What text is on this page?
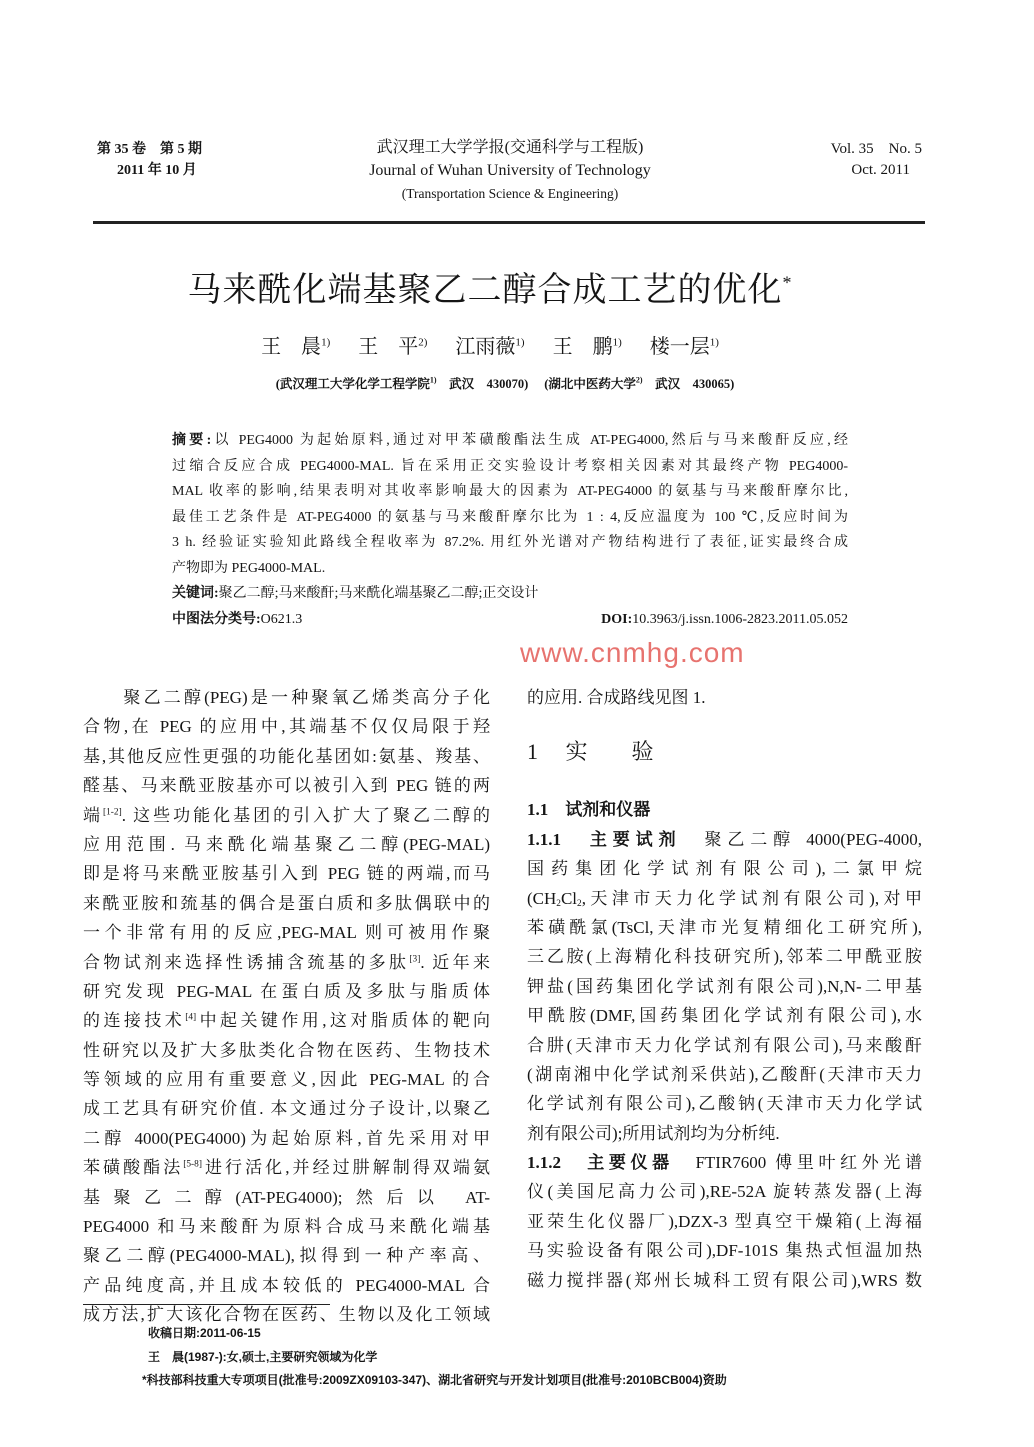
第 35 卷　第 5 期
2011 年 10 月
武汉理工大学学报(交通科学与工程版)
Journal of Wuhan University of Technology
(Transportation Science & Engineering)
Vol. 35　No. 5
Oct. 2011
马来酰化端基聚乙二醇合成工艺的优化*
王　晨$^{1)}$ 王　平$^{2)}$ 江雨薇$^{1)}$ 王　鹏$^{1)}$ 楼一层$^{1)}$
(武汉理工大学化学工程学院$^{1)}$　武汉　430070) (湖北中医药大学$^{2)}$　武汉　430065)
摘要:以 PEG4000 为起始原料,通过对甲苯磺酸酯法生成 AT-PEG4000,然后与马来酸酐反应,经
过缩合反应合成 PEG4000-MAL. 旨在采用正交实验设计考察相关因素对其最终产物 PEG4000-
MAL 收率的影响,结果表明对其收率影响最大的因素为 AT-PEG4000 的氨基与马来酸酐摩尔比,
最佳工艺条件是 AT-PEG4000 的氨基与马来酸酐摩尔比为 1 : 4,反应温度为 100 ℃,反应时间为
3 h. 经验证实验知此路线全程收率为 87.2%. 用红外光谱对产物结构进行了表征,证实最终合成
产物即为 PEG4000-MAL.
关键词:聚乙二醇;马来酸酐;马来酰化端基聚乙二醇;正交设计
中图法分类号:O621.3	DOI:10.3963/j.issn.1006-2823.2011.05.052
　　聚乙二醇(PEG)是一种聚氧乙烯类高分子化
合物,在 PEG 的应用中,其端基不仅仅局限于羟
基,其他反应性更强的功能化基团如:氨基、羧基、
醛基、马来酰亚胺基亦可以被引入到 PEG 链的两
端[1-2]. 这些功能化基团的引入扩大了聚乙二醇的
应用范围. 马来酰化端基聚乙二醇(PEG-MAL)
即是将马来酰亚胺基引入到 PEG 链的两端,而马
来酰亚胺和巯基的偶合是蛋白质和多肽偶联中的
一个非常有用的反应,PEG-MAL 则可被用作聚
合物试剂来选择性诱捕含巯基的多肽[3]. 近年来
研究发现 PEG-MAL 在蛋白质及多肽与脂质体
的连接技术[4]中起关键作用,这对脂质体的靶向
性研究以及扩大多肽类化合物在医药、生物技术
等领域的应用有重要意义,因此 PEG-MAL 的合
成工艺具有研究价值. 本文通过分子设计,以聚乙
二醇 4000(PEG4000)为起始原料,首先采用对甲
苯磺酸酯法[5-8]进行活化,并经过肼解制得双端氨
基聚乙二醇(AT-PEG4000);然后以 AT-
PEG4000 和马来酸酐为原料合成马来酰化端基
聚乙二醇(PEG4000-MAL),拟得到一种产率高、
产品纯度高,并且成本较低的 PEG4000-MAL 合
成方法,扩大该化合物在医药、生物以及化工领域
的应用. 合成路线见图 1.
1 实　　验
1.1　试剂和仪器
1.1.1　主要试剂　聚乙二醇 4000(PEG-4000,
国药集团化学试剂有限公司),二氯甲烷
($CH_2Cl_2$,天津市天力化学试剂有限公司),对甲
苯磺酰氯(TsCl,天津市光复精细化工研究所),
三乙胺(上海精化科技研究所),邻苯二甲酰亚胺
钾盐(国药集团化学试剂有限公司),N,N-二甲基
甲酰胺(DMF,国药集团化学试剂有限公司),水
合肼(天津市天力化学试剂有限公司),马来酸酐
(湖南湘中化学试剂采供站),乙酸酐(天津市天力
化学试剂有限公司),乙酸钠(天津市天力化学试
剂有限公司);所用试剂均为分析纯.
1.1.2　主要仪器　FTIR7600 傅里叶红外光谱
仪(美国尼高力公司),RE-52A 旋转蒸发器(上海
亚荣生化仪器厂),DZX-3 型真空干燥箱(上海福
马实验设备有限公司),DF-101S 集热式恒温加热
磁力搅拌器(郑州长城科工贸有限公司),WRS 数
www.cnmhg.com
收稿日期:2011-06-15
王　晨(1987-):女,硕士,主要研究领域为化学
*科技部科技重大专项项目(批准号:2009ZX09103-347)、湖北省研究与开发计划项目(批准号:2010BCB004)资助
